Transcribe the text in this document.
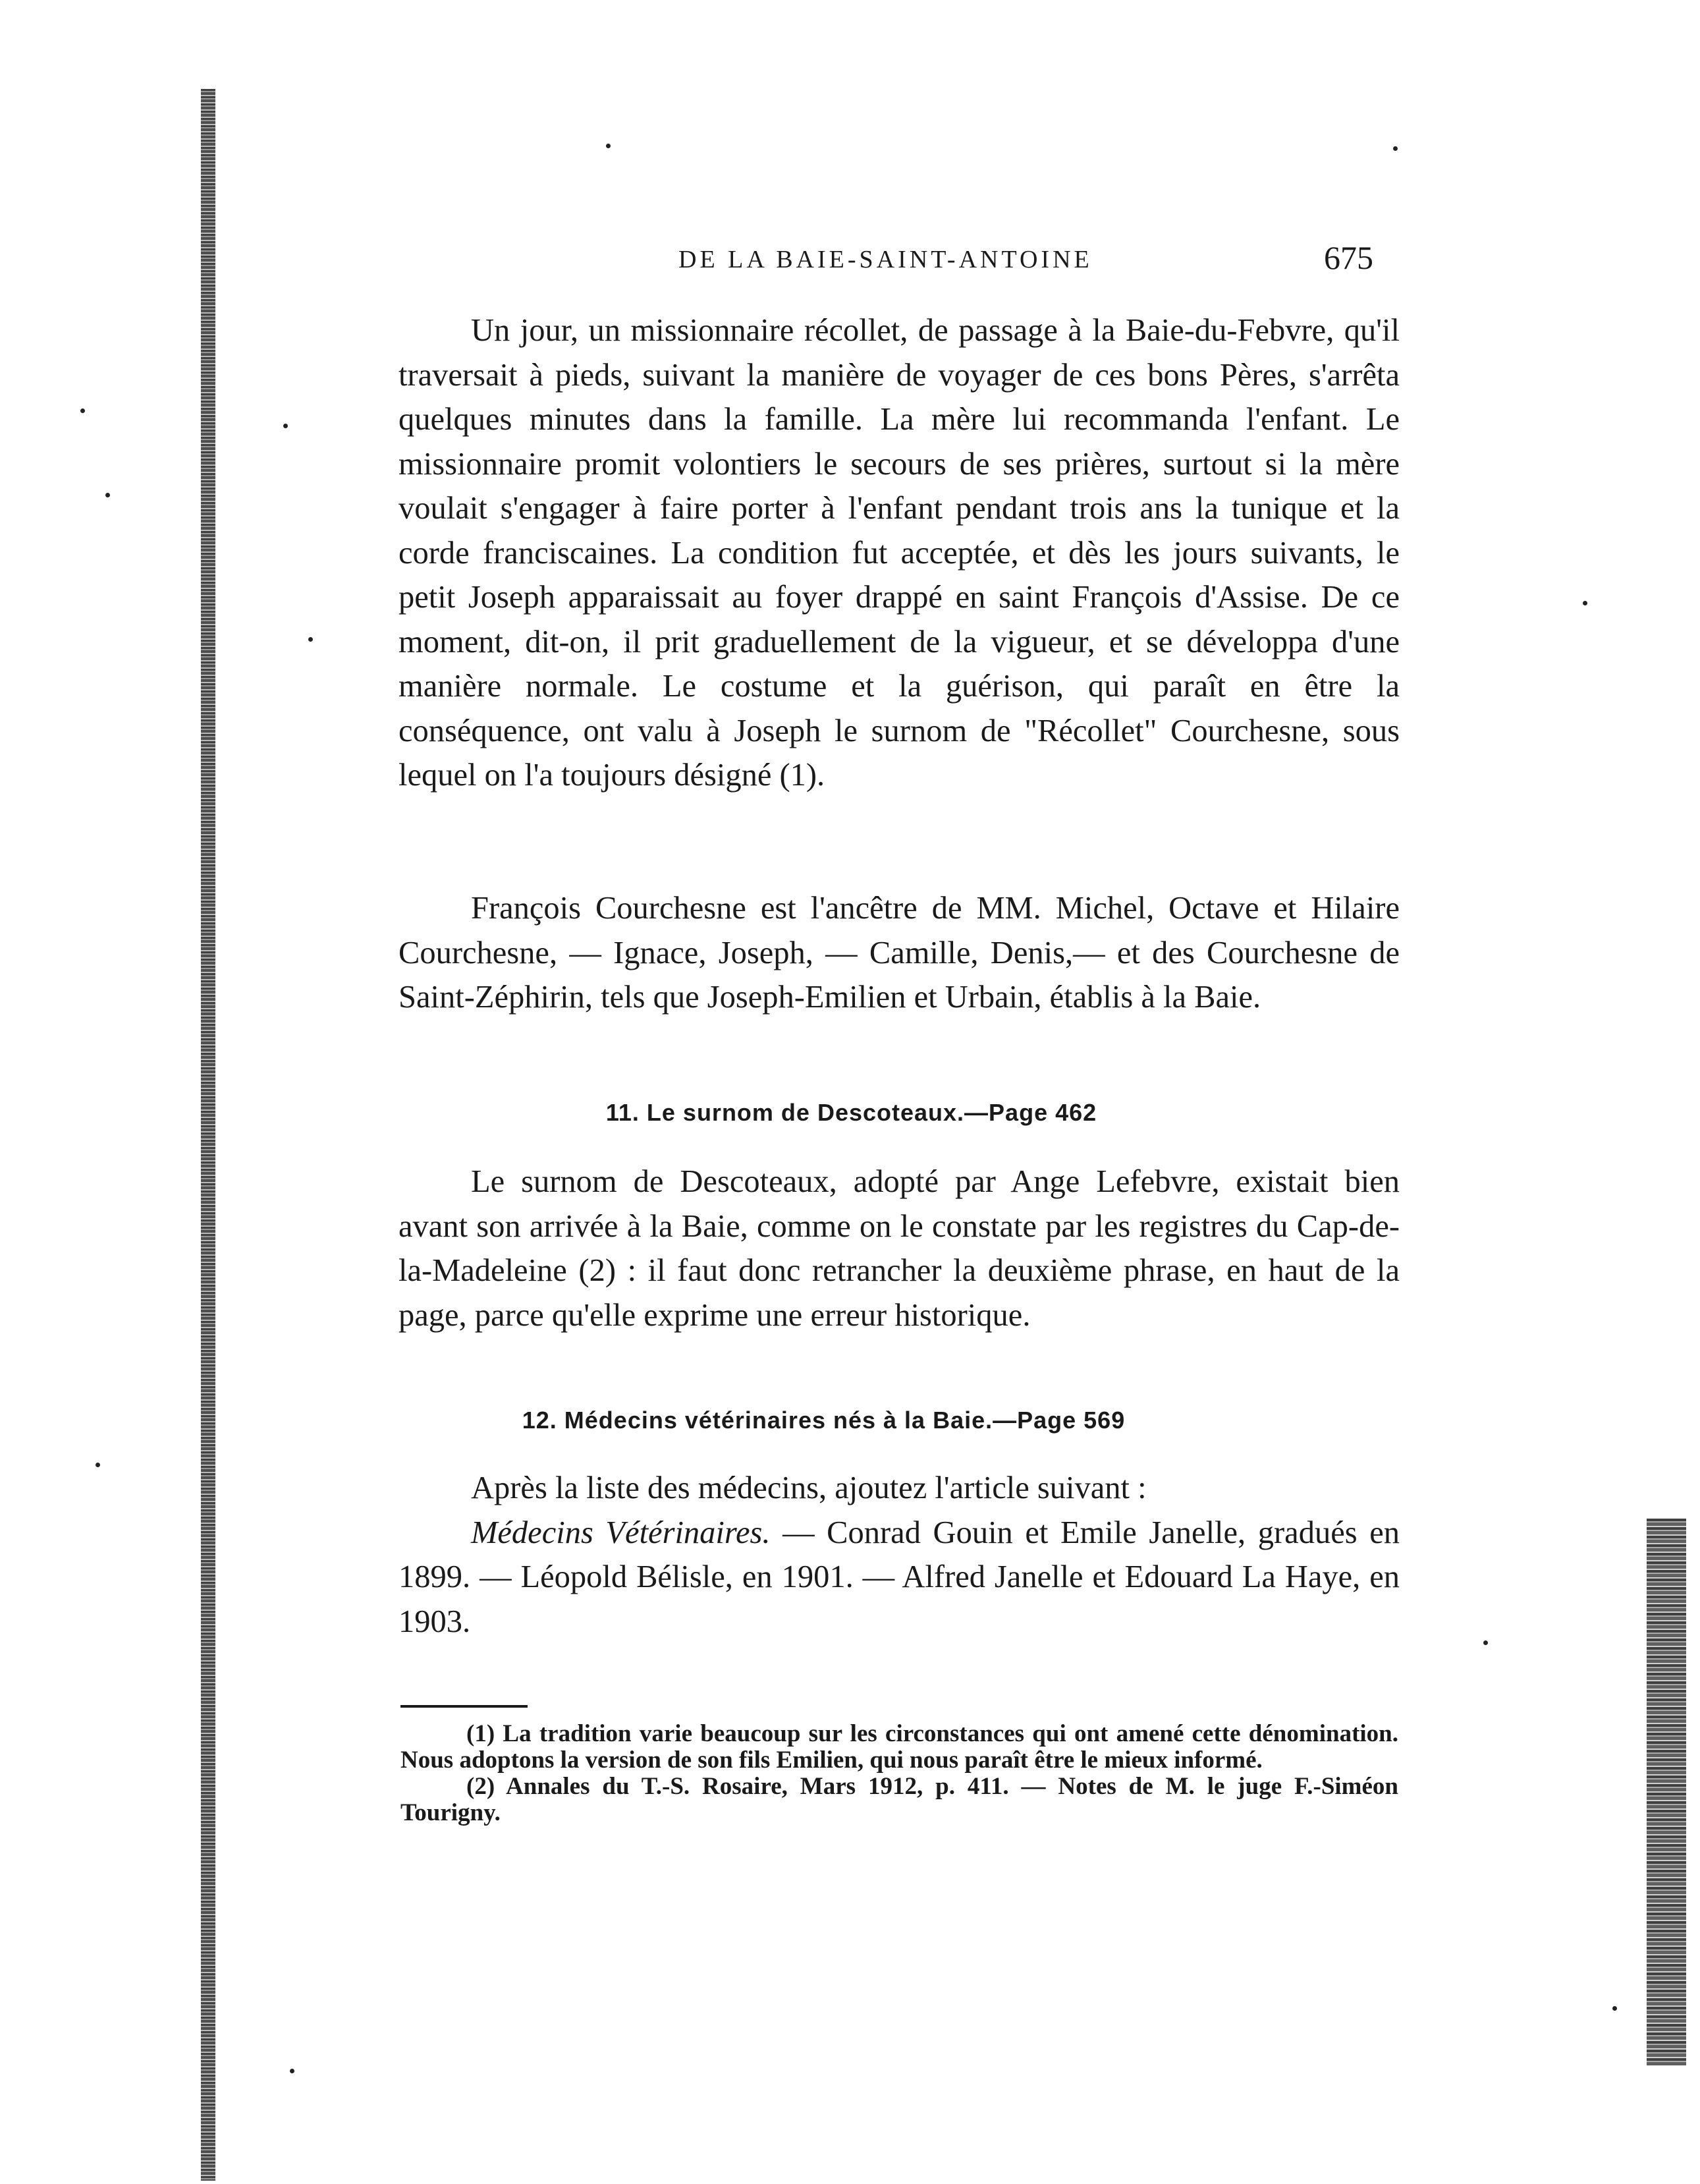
DE LA BAIE-SAINT-ANTOINE	675

Un jour, un missionnaire récollet, de passage à la Baie-du-Febvre, qu'il traversait à pieds, suivant la manière de voyager de ces bons Pères, s'arrêta quelques minutes dans la famille. La mère lui recommanda l'enfant. Le missionnaire promit volontiers le secours de ses prières, surtout si la mère voulait s'engager à faire porter à l'enfant pendant trois ans la tunique et la corde franciscaines. La condition fut acceptée, et dès les jours suivants, le petit Joseph apparaissait au foyer drappé en saint François d'Assise. De ce moment, dit-on, il prit graduellement de la vigueur, et se développa d'une manière normale. Le costume et la guérison, qui paraît en être la conséquence, ont valu à Joseph le surnom de "Récollet" Courchesne, sous lequel on l'a toujours désigné (1).

François Courchesne est l'ancêtre de MM. Michel, Octave et Hilaire Courchesne, — Ignace, Joseph, — Camille, Denis,— et des Courchesne de Saint-Zéphirin, tels que Joseph-Emilien et Urbain, établis à la Baie.

11. Le surnom de Descoteaux.—Page 462

Le surnom de Descoteaux, adopté par Ange Lefebvre, existait bien avant son arrivée à la Baie, comme on le constate par les registres du Cap-de-la-Madeleine (2) : il faut donc retrancher la deuxième phrase, en haut de la page, parce qu'elle exprime une erreur historique.

12. Médecins vétérinaires nés à la Baie.—Page 569

Après la liste des médecins, ajoutez l'article suivant :

Médecins Vétérinaires. — Conrad Gouin et Emile Janelle, gradués en 1899. — Léopold Bélisle, en 1901. — Alfred Janelle et Edouard La Haye, en 1903.

(1) La tradition varie beaucoup sur les circonstances qui ont amené cette dénomination. Nous adoptons la version de son fils Emilien, qui nous paraît être le mieux informé.

(2) Annales du T.-S. Rosaire, Mars 1912, p. 411. — Notes de M. le juge F.-Siméon Tourigny.
